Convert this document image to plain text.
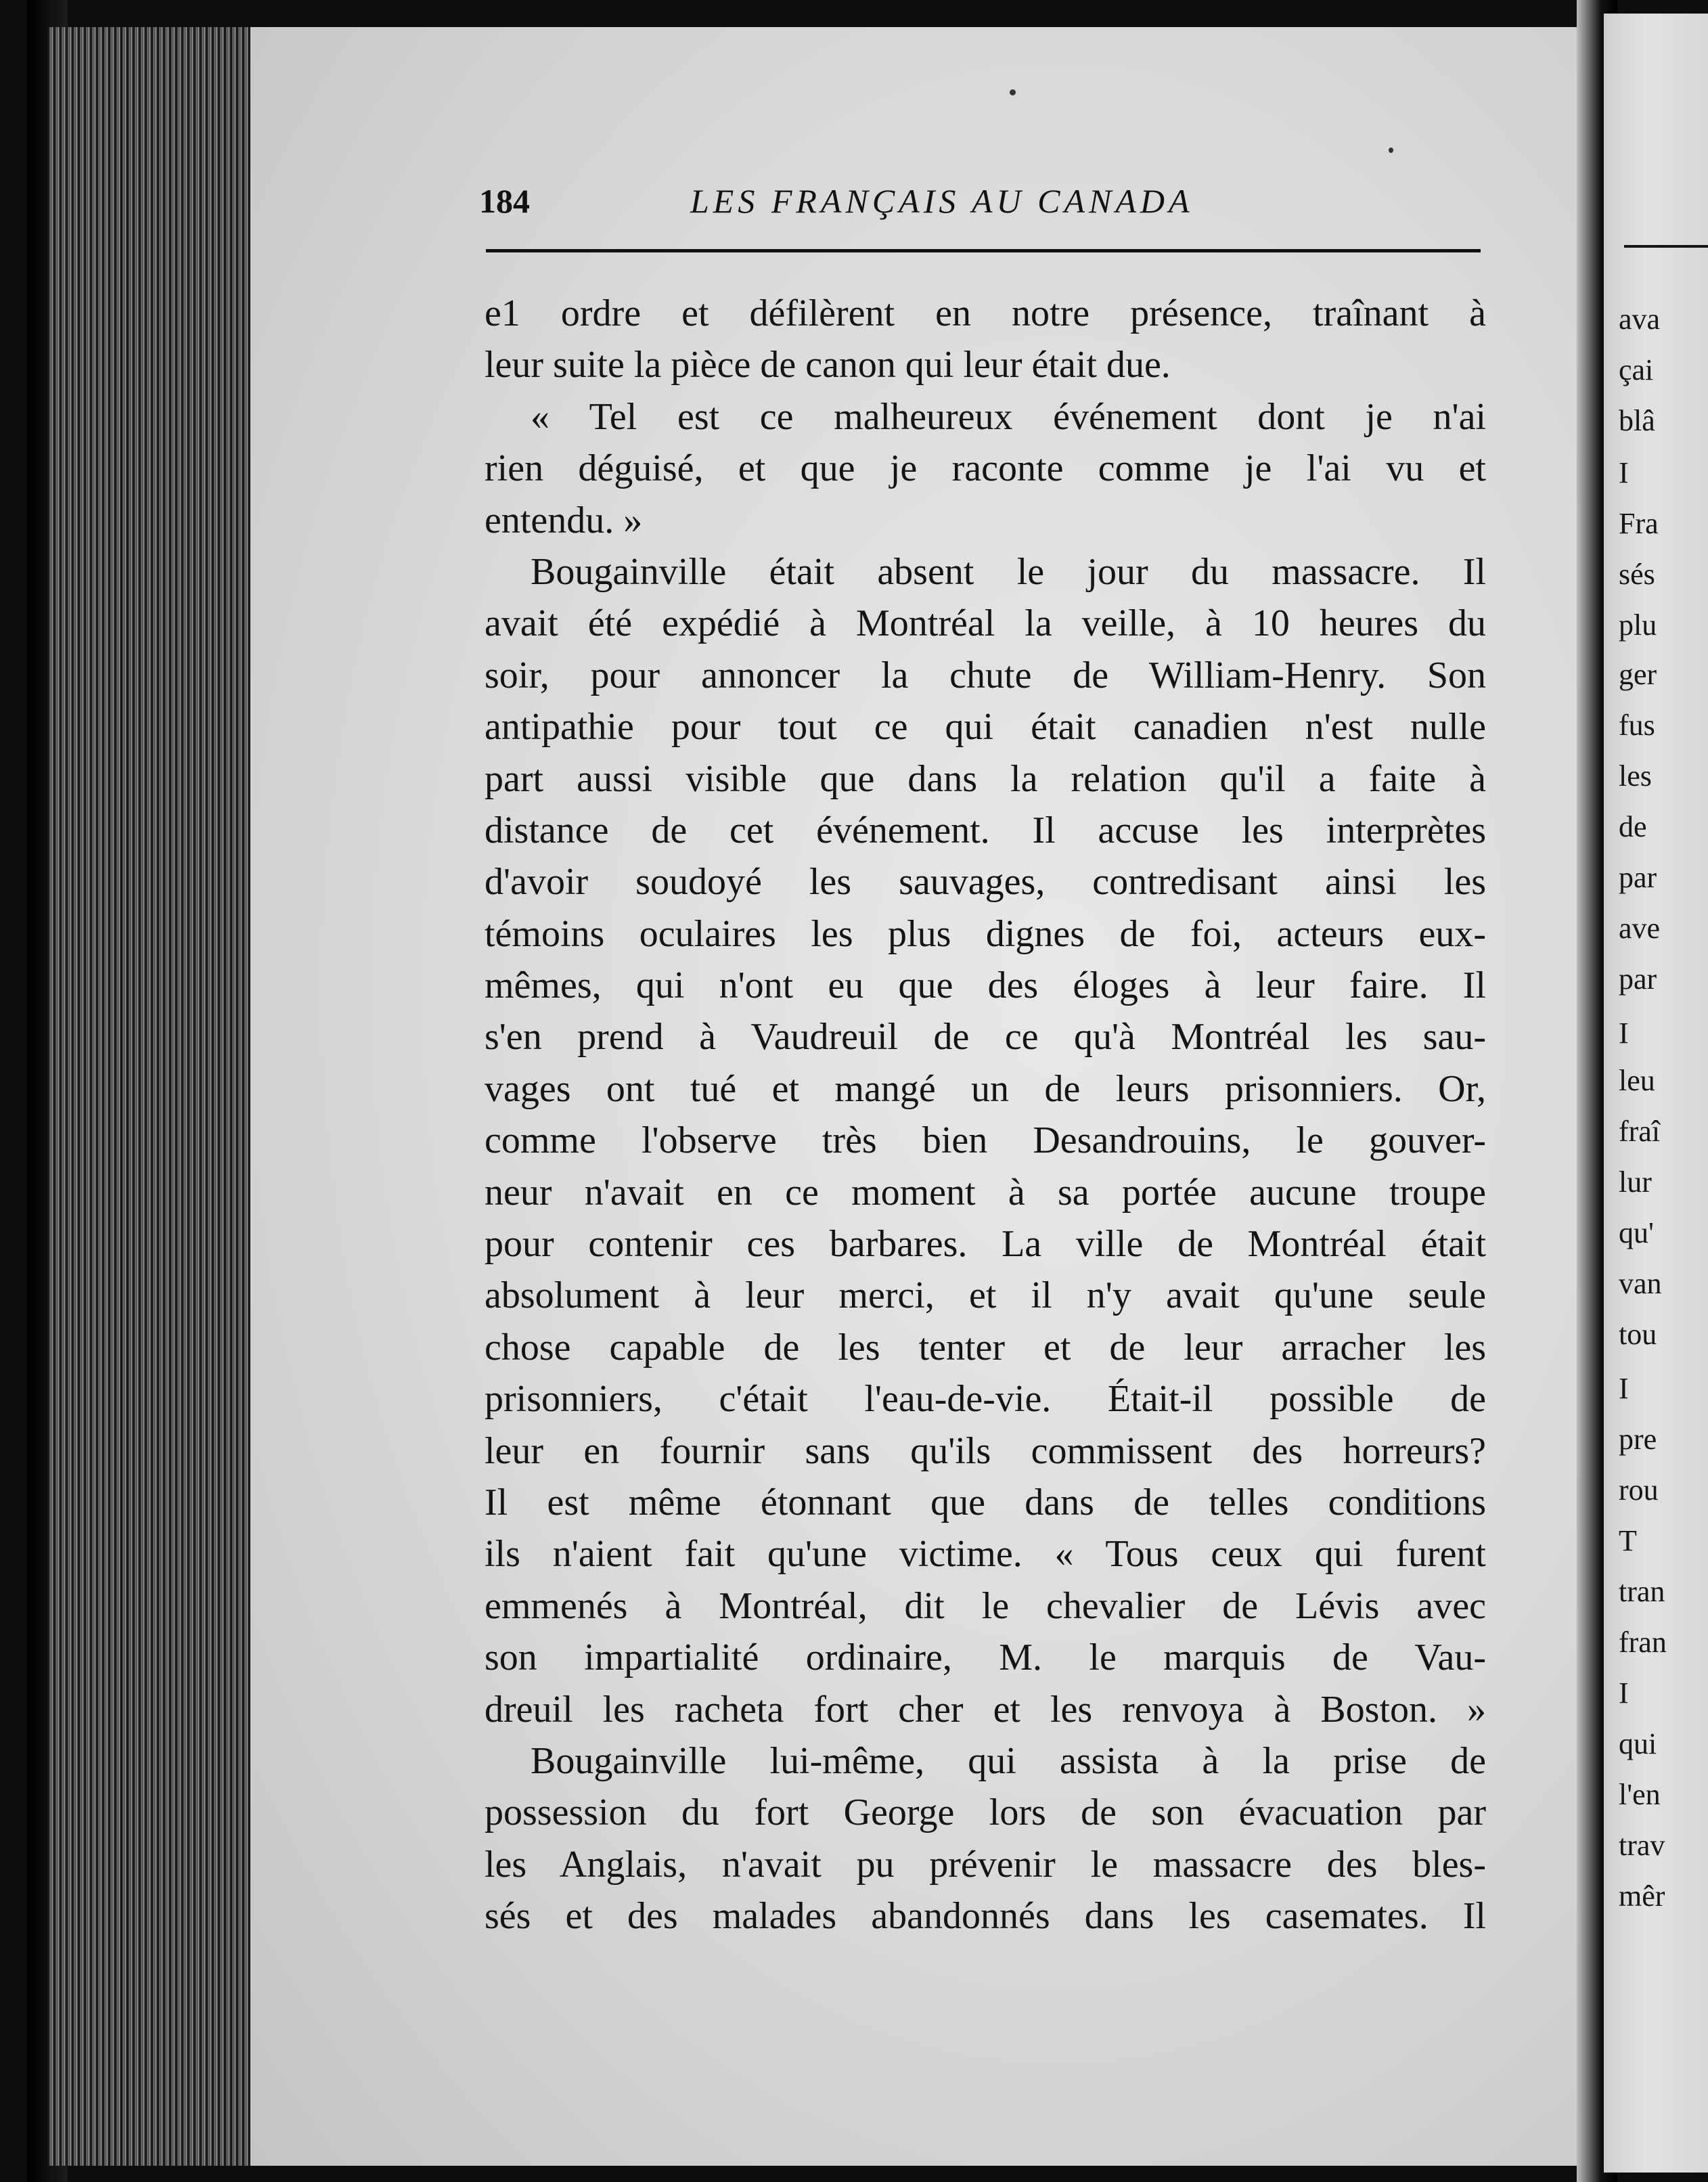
184	LES FRANÇAIS AU CANADA
e1 ordre et défilèrent en notre présence, traînant à
leur suite la pièce de canon qui leur était due.
« Tel est ce malheureux événement dont je n'ai
rien déguisé, et que je raconte comme je l'ai vu et
entendu. »
Bougainville était absent le jour du massacre. Il
avait été expédié à Montréal la veille, à 10 heures du
soir, pour annoncer la chute de William-Henry. Son
antipathie pour tout ce qui était canadien n'est nulle
part aussi visible que dans la relation qu'il a faite à
distance de cet événement. Il accuse les interprètes
d'avoir soudoyé les sauvages, contredisant ainsi les
témoins oculaires les plus dignes de foi, acteurs eux-
mêmes, qui n'ont eu que des éloges à leur faire. Il
s'en prend à Vaudreuil de ce qu'à Montréal les sau-
vages ont tué et mangé un de leurs prisonniers. Or,
comme l'observe très bien Desandrouins, le gouver-
neur n'avait en ce moment à sa portée aucune troupe
pour contenir ces barbares. La ville de Montréal était
absolument à leur merci, et il n'y avait qu'une seule
chose capable de les tenter et de leur arracher les
prisonniers, c'était l'eau-de-vie. Était-il possible de
leur en fournir sans qu'ils commissent des horreurs?
Il est même étonnant que dans de telles conditions
ils n'aient fait qu'une victime. « Tous ceux qui furent
emmenés à Montréal, dit le chevalier de Lévis avec
son impartialité ordinaire, M. le marquis de Vau-
dreuil les racheta fort cher et les renvoya à Boston. »
Bougainville lui-même, qui assista à la prise de
possession du fort George lors de son évacuation par
les Anglais, n'avait pu prévenir le massacre des bles-
sés et des malades abandonnés dans les casemates. Il
ava
çai
blâ
I
Fra
sés
plu
ger
fus
les
de
par
ave
par
I
leu
fraî
lur
qu'
van
tou
I
pre
rou
T
tran
fran
I
qui
l'en
trav
mêr
